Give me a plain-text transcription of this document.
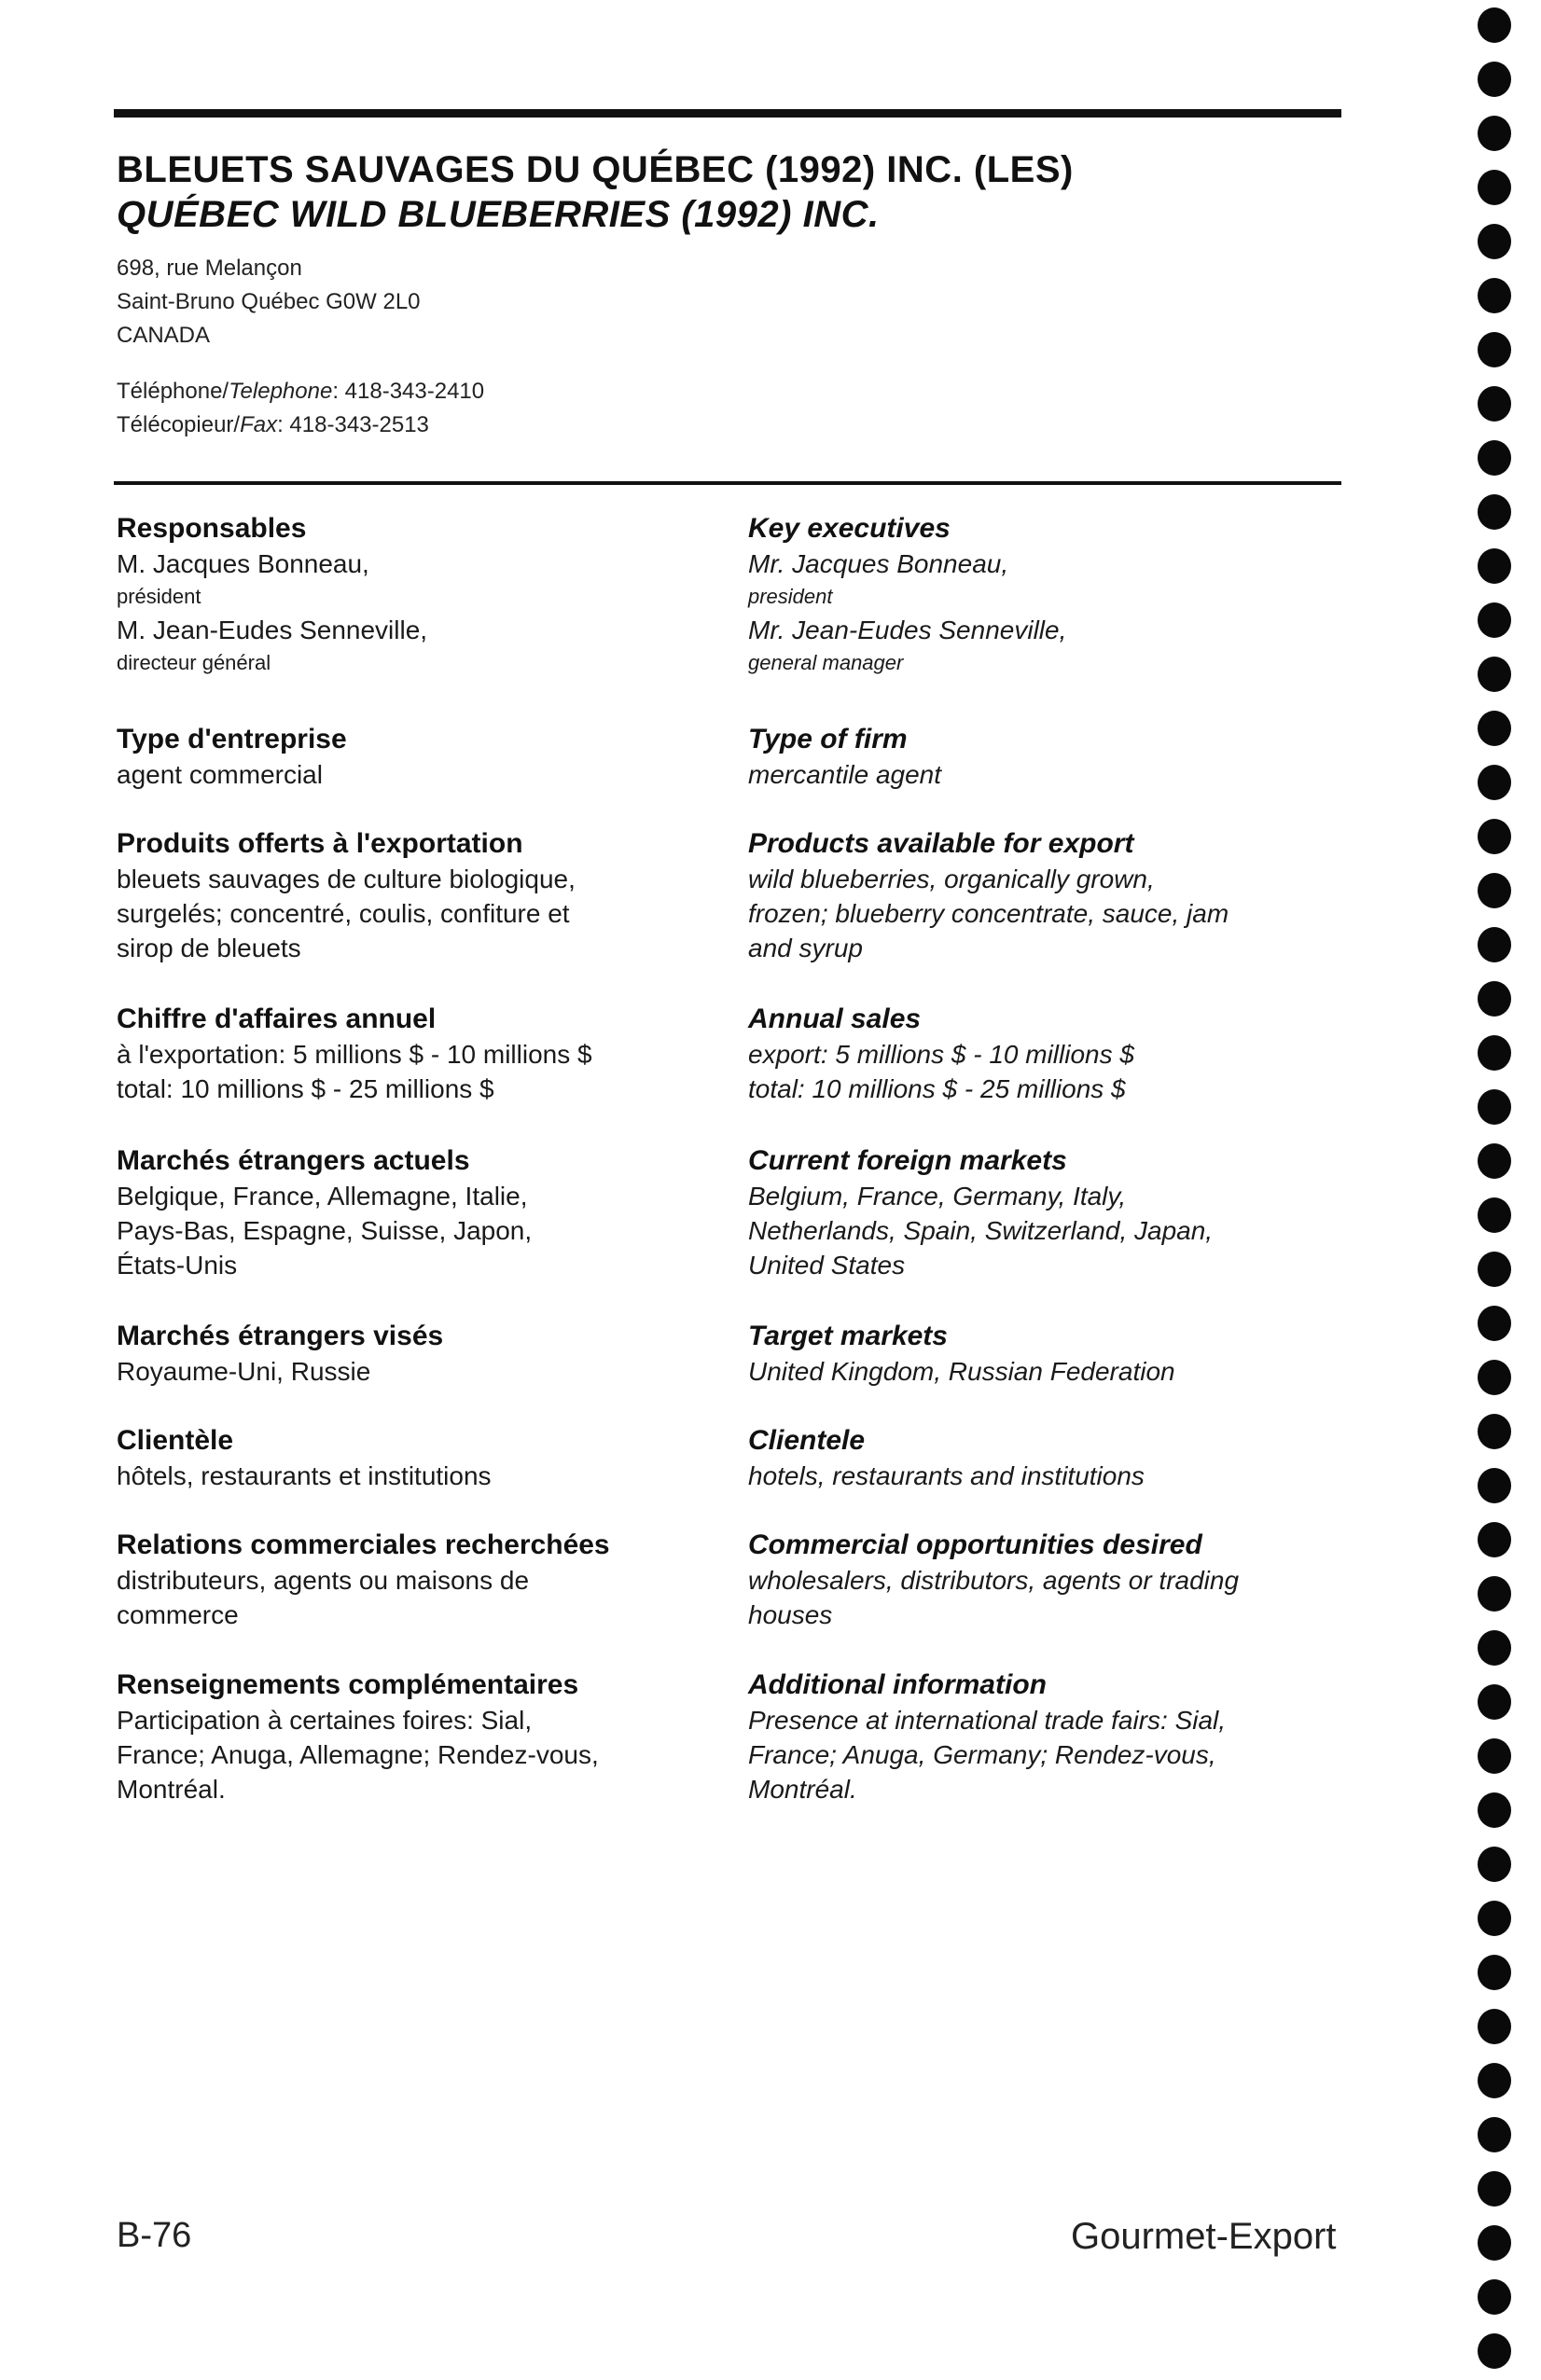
BLEUETS SAUVAGES DU QUÉBEC (1992) INC. (LES)
QUÉBEC WILD BLUEBERRIES (1992) INC.
698, rue Melançon
Saint-Bruno Québec G0W 2L0
CANADA
Téléphone/Telephone: 418-343-2410
Télécopieur/Fax: 418-343-2513
Responsables
M. Jacques Bonneau,
président
M. Jean-Eudes Senneville,
directeur général
Type d'entreprise
agent commercial
Produits offerts à l'exportation
bleuets sauvages de culture biologique,
surgelés; concentré, coulis, confiture et
sirop de bleuets
Chiffre d'affaires annuel
à l'exportation: 5 millions $ - 10 millions $
total: 10 millions $ - 25 millions $
Marchés étrangers actuels
Belgique, France, Allemagne, Italie,
Pays-Bas, Espagne, Suisse, Japon,
États-Unis
Marchés étrangers visés
Royaume-Uni, Russie
Clientèle
hôtels, restaurants et institutions
Relations commerciales recherchées
distributeurs, agents ou maisons de
commerce
Renseignements complémentaires
Participation à certaines foires: Sial,
France; Anuga, Allemagne; Rendez-vous,
Montréal.
Key executives
Mr. Jacques Bonneau,
president
Mr. Jean-Eudes Senneville,
general manager
Type of firm
mercantile agent
Products available for export
wild blueberries, organically grown,
frozen; blueberry concentrate, sauce, jam
and syrup
Annual sales
export: 5 millions $ - 10 millions $
total: 10 millions $ - 25 millions $
Current foreign markets
Belgium, France, Germany, Italy,
Netherlands, Spain, Switzerland, Japan,
United States
Target markets
United Kingdom, Russian Federation
Clientele
hotels, restaurants and institutions
Commercial opportunities desired
wholesalers, distributors, agents or trading
houses
Additional information
Presence at international trade fairs: Sial,
France; Anuga, Germany; Rendez-vous,
Montréal.
B-76	Gourmet-Export
